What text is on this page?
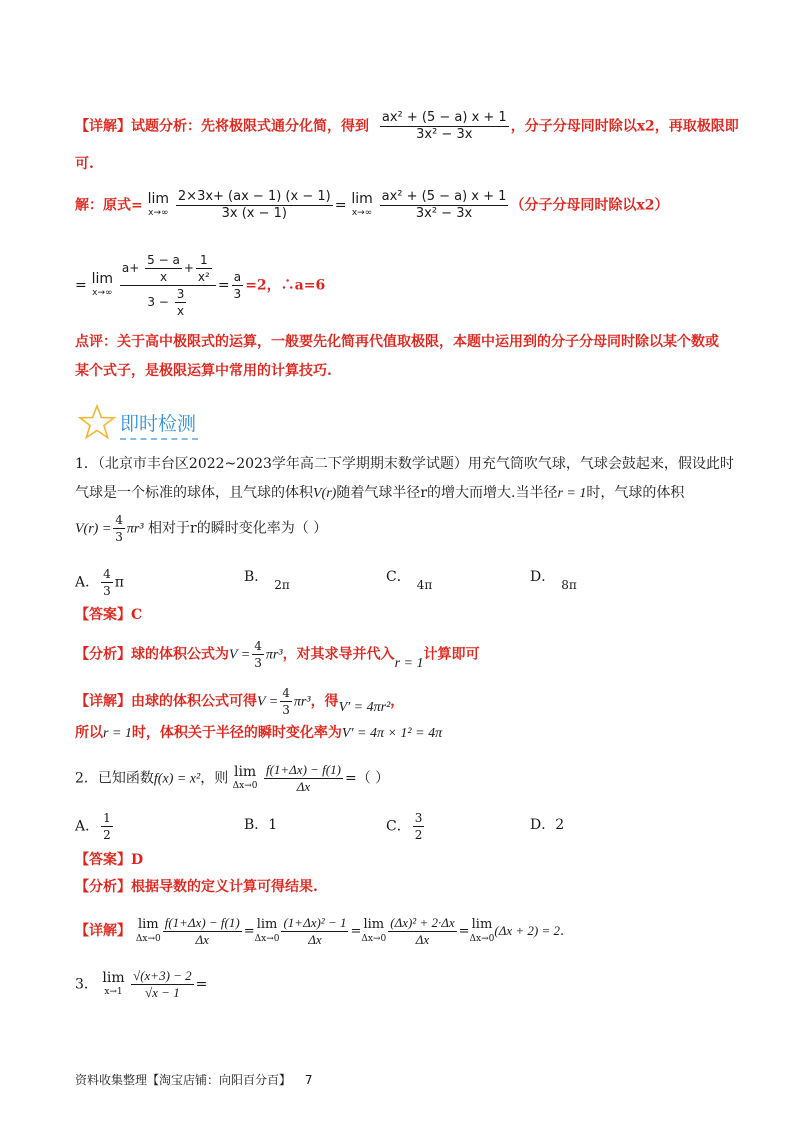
【详解】试题分析：先将极限式通分化简，得到 $\frac{\text{ax² + (5 − a) x + 1}}{\text{3x² − 3x}}$ ，分子分母同时除以x2，再取极限即
可.
解：原式= lim
x→∞
$\frac{2\times 3x+ (ax - 1) (x - 1)}{3x (x - 1)} = \lim$
x→∞
$\frac{\text{ax² + (5 − a) x + 1}}{\text{3x² − 3x}}$ （分子分母同时除以x2）
= lim
x→∞
$\frac{a+ \frac{5 - a}{x} + \frac{1}{\text{x²}}}{3 - \frac{3}{x}} = \frac{a}{3} =2$，∴a=6
点评：关于高中极限式的运算，一般要先化简再代值取极限，本题中运用到的分子分母同时除以某个数或
某个式子，是极限运算中常用的计算技巧.
即时检测
1．（北京市丰台区2022~2023学年高二下学期期末数学试题）用充气筒吹气球，气球会鼓起来，假设此时
气球是一个标准的球体，且气球的体积V(r)随着气球半径r的增大而增大.当半径r = 1时，气球的体积
$V(r) = \frac{4}{3} \pi r^3$ 相对于r的瞬时变化率为（ ）
A． $\frac{4}{3}$ π	B． 2π	C． 4π	D． 8π
【答案】C
【分析】球的体积公式为$V = \frac{4}{3} \pi r^3$，对其求导并代入r = 1计算即可
【详解】由球的体积公式可得$V = \frac{4}{3} \pi r^3$，得V′ = 4πr²，
所以r = 1时，体积关于半径的瞬时变化率为V′ = 4π × 1² = 4π
2．已知函数f(x) = x²，则 lim
Δx→0
$\frac{f(1+\Delta x) - f(1)}{\Delta x}$ =（ ）
A． $\frac{1}{2}$	B．1	C． $\frac{3}{2}$	D．2
【答案】D
【分析】根据导数的定义计算可得结果.
【详解】 lim
$\Delta x\to 0 \frac{f(1+\Delta x) - f(1)}{\Delta x} = \lim$
$\Delta x\to 0 \frac{\text{(1+Δx)² − 1}}{\Delta x} = \lim$
$\Delta x\to 0 \frac{\text{(Δx)² + 2·Δx}}{\Delta x} = \lim$
Δx→0
(Δx + 2) = 2.
3． lim
x→1
$\frac{√(x+3) - 2}{√x - 1}$ =
资料收集整理【淘宝店铺：向阳百分百】 7
